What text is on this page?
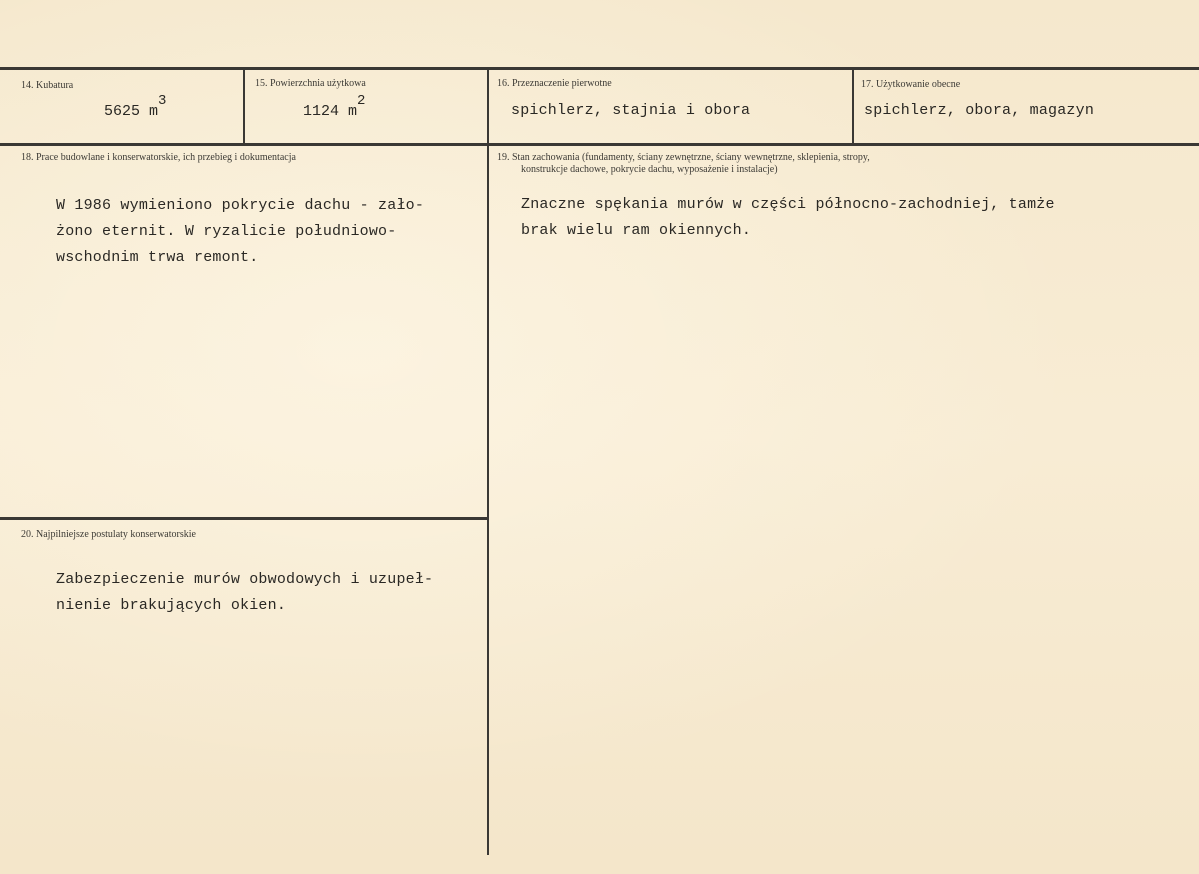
14. Kubatura
5625 m3
15. Powierzchnia użytkowa
1124 m2
16. Przeznaczenie pierwotne
spichlerz, stajnia i obora
17. Użytkowanie obecne
spichlerz, obora, magazyn
18. Prace budowlane i konserwatorskie, ich przebieg i dokumentacja
W 1986 wymieniono pokrycie dachu - zało-
żono eternit. W ryzalicie południowo-
wschodnim trwa remont.
19. Stan zachowania (fundamenty, ściany zewnętrzne, ściany wewnętrzne, sklepienia, stropy,
konstrukcje dachowe, pokrycie dachu, wyposażenie i instalacje)
Znaczne spękania murów w części północno-zachodniej, tamże
brak wielu ram okiennych.
20. Najpilniejsze postulaty konserwatorskie
Zabezpieczenie murów obwodowych i uzupeł-
nienie brakujących okien.
